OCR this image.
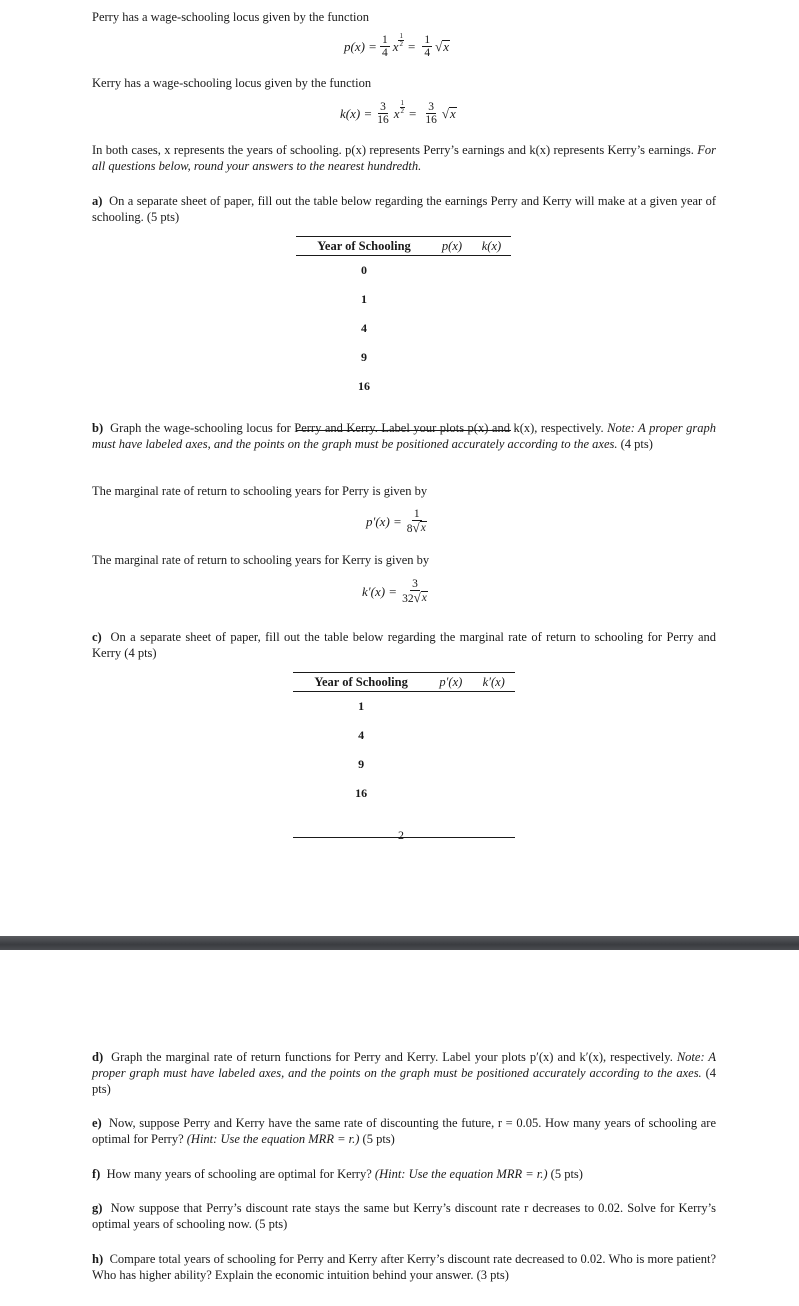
Perry has a wage-schooling locus given by the function
$p(x) = \frac{1}{4}$ x $\frac{1}{2} = \frac{1}{4}$ √ x
Kerry has a wage-schooling locus given by the function
$k(x) = \frac{3}{16}$ x $\frac{1}{2} = \frac{3}{16}$ √ x
In both cases, x represents the years of schooling. p(x) represents Perry’s earnings and k(x) represents Kerry’s earnings. For all questions below, round your answers to the nearest hundredth.
a) On a separate sheet of paper, fill out the table below regarding the earnings Perry and Kerry will make at a given year of schooling. (5 pts)
Year of Schooling	p(x)	k(x)
0		
1		
4		
9		
16		

b) Graph the wage-schooling locus for Perry and Kerry. Label your plots p(x) and k(x), respectively. Note: A proper graph must have labeled axes, and the points on the graph must be positioned accurately according to the axes. (4 pts)
The marginal rate of return to schooling years for Perry is given by
$p'(x) = \frac{1}{8 √ x}$
The marginal rate of return to schooling years for Kerry is given by
$k'(x) = \frac{3}{32 √ x}$
c) On a separate sheet of paper, fill out the table below regarding the marginal rate of return to schooling for Perry and Kerry (4 pts)
Year of Schooling	p′(x)	k′(x)
1		
4		
9		
16		

2
d) Graph the marginal rate of return functions for Perry and Kerry. Label your plots p′(x) and k′(x), respectively. Note: A proper graph must have labeled axes, and the points on the graph must be positioned accurately according to the axes. (4 pts)
e) Now, suppose Perry and Kerry have the same rate of discounting the future, r = 0.05. How many years of schooling are optimal for Perry? (Hint: Use the equation MRR = r.) (5 pts)
f) How many years of schooling are optimal for Kerry? (Hint: Use the equation MRR = r.) (5 pts)
g) Now suppose that Perry’s discount rate stays the same but Kerry’s discount rate r decreases to 0.02. Solve for Kerry’s optimal years of schooling now. (5 pts)
h) Compare total years of schooling for Perry and Kerry after Kerry’s discount rate decreased to 0.02. Who is more patient? Who has higher ability? Explain the economic intuition behind your answer. (3 pts)
